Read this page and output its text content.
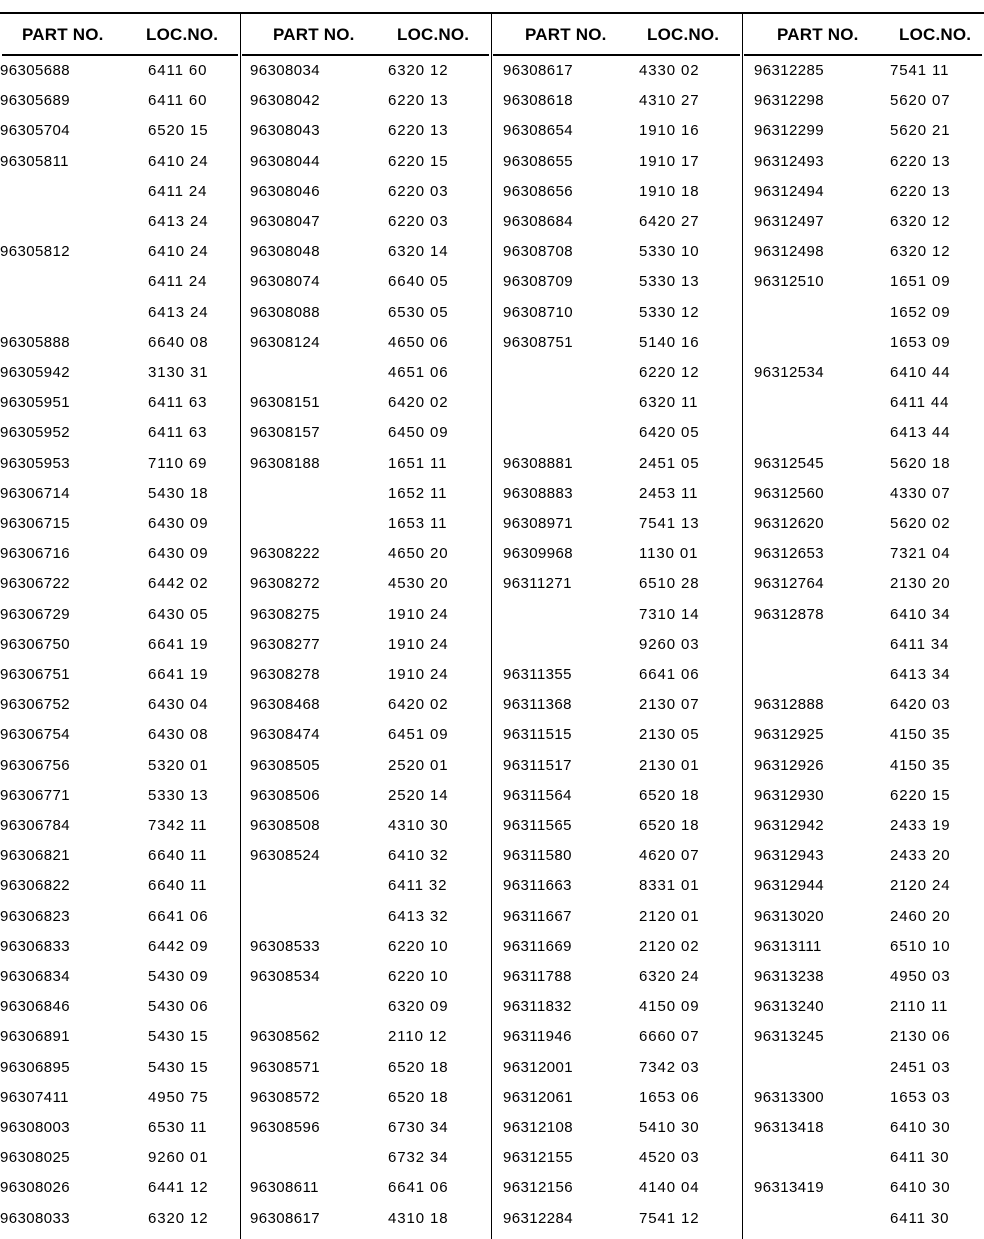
PART NO. LOC.NO.
96305688	6411 60
96305689	6411 60
96305704	6520 15
96305811	6410 24
6411 24
6413 24
96305812	6410 24
6411 24
6413 24
96305888	6640 08
96305942	3130 31
96305951	6411 63
96305952	6411 63
96305953	7110 69
96306714	5430 18
96306715	6430 09
96306716	6430 09
96306722	6442 02
96306729	6430 05
96306750	6641 19
96306751	6641 19
96306752	6430 04
96306754	6430 08
96306756	5320 01
96306771	5330 13
96306784	7342 11
96306821	6640 11
96306822	6640 11
96306823	6641 06
96306833	6442 09
96306834	5430 09
96306846	5430 06
96306891	5430 15
96306895	5430 15
96307411	4950 75
96308003	6530 11
96308025	9260 01
96308026	6441 12
96308033	6320 12
PART NO. LOC.NO.
96308034	6320 12
96308042	6220 13
96308043	6220 13
96308044	6220 15
96308046	6220 03
96308047	6220 03
96308048	6320 14
96308074	6640 05
96308088	6530 05
96308124	4650 06
4651 06
96308151	6420 02
96308157	6450 09
96308188	1651 11
1652 11
1653 11
96308222	4650 20
96308272	4530 20
96308275	1910 24
96308277	1910 24
96308278	1910 24
96308468	6420 02
96308474	6451 09
96308505	2520 01
96308506	2520 14
96308508	4310 30
96308524	6410 32
6411 32
6413 32
96308533	6220 10
96308534	6220 10
6320 09
96308562	2110 12
96308571	6520 18
96308572	6520 18
96308596	6730 34
6732 34
96308611	6641 06
96308617	4310 18
PART NO. LOC.NO.
96308617	4330 02
96308618	4310 27
96308654	1910 16
96308655	1910 17
96308656	1910 18
96308684	6420 27
96308708	5330 10
96308709	5330 13
96308710	5330 12
96308751	5140 16
6220 12
6320 11
6420 05
96308881	2451 05
96308883	2453 11
96308971	7541 13
96309968	1130 01
96311271	6510 28
7310 14
9260 03
96311355	6641 06
96311368	2130 07
96311515	2130 05
96311517	2130 01
96311564	6520 18
96311565	6520 18
96311580	4620 07
96311663	8331 01
96311667	2120 01
96311669	2120 02
96311788	6320 24
96311832	4150 09
96311946	6660 07
96312001	7342 03
96312061	1653 06
96312108	5410 30
96312155	4520 03
96312156	4140 04
96312284	7541 12
PART NO. LOC.NO.
96312285	7541 11
96312298	5620 07
96312299	5620 21
96312493	6220 13
96312494	6220 13
96312497	6320 12
96312498	6320 12
96312510	1651 09
1652 09
1653 09
96312534	6410 44
6411 44
6413 44
96312545	5620 18
96312560	4330 07
96312620	5620 02
96312653	7321 04
96312764	2130 20
96312878	6410 34
6411 34
6413 34
96312888	6420 03
96312925	4150 35
96312926	4150 35
96312930	6220 15
96312942	2433 19
96312943	2433 20
96312944	2120 24
96313020	2460 20
96313111	6510 10
96313238	4950 03
96313240	2110 11
96313245	2130 06
2451 03
96313300	1653 03
96313418	6410 30
6411 30
96313419	6410 30
6411 30
